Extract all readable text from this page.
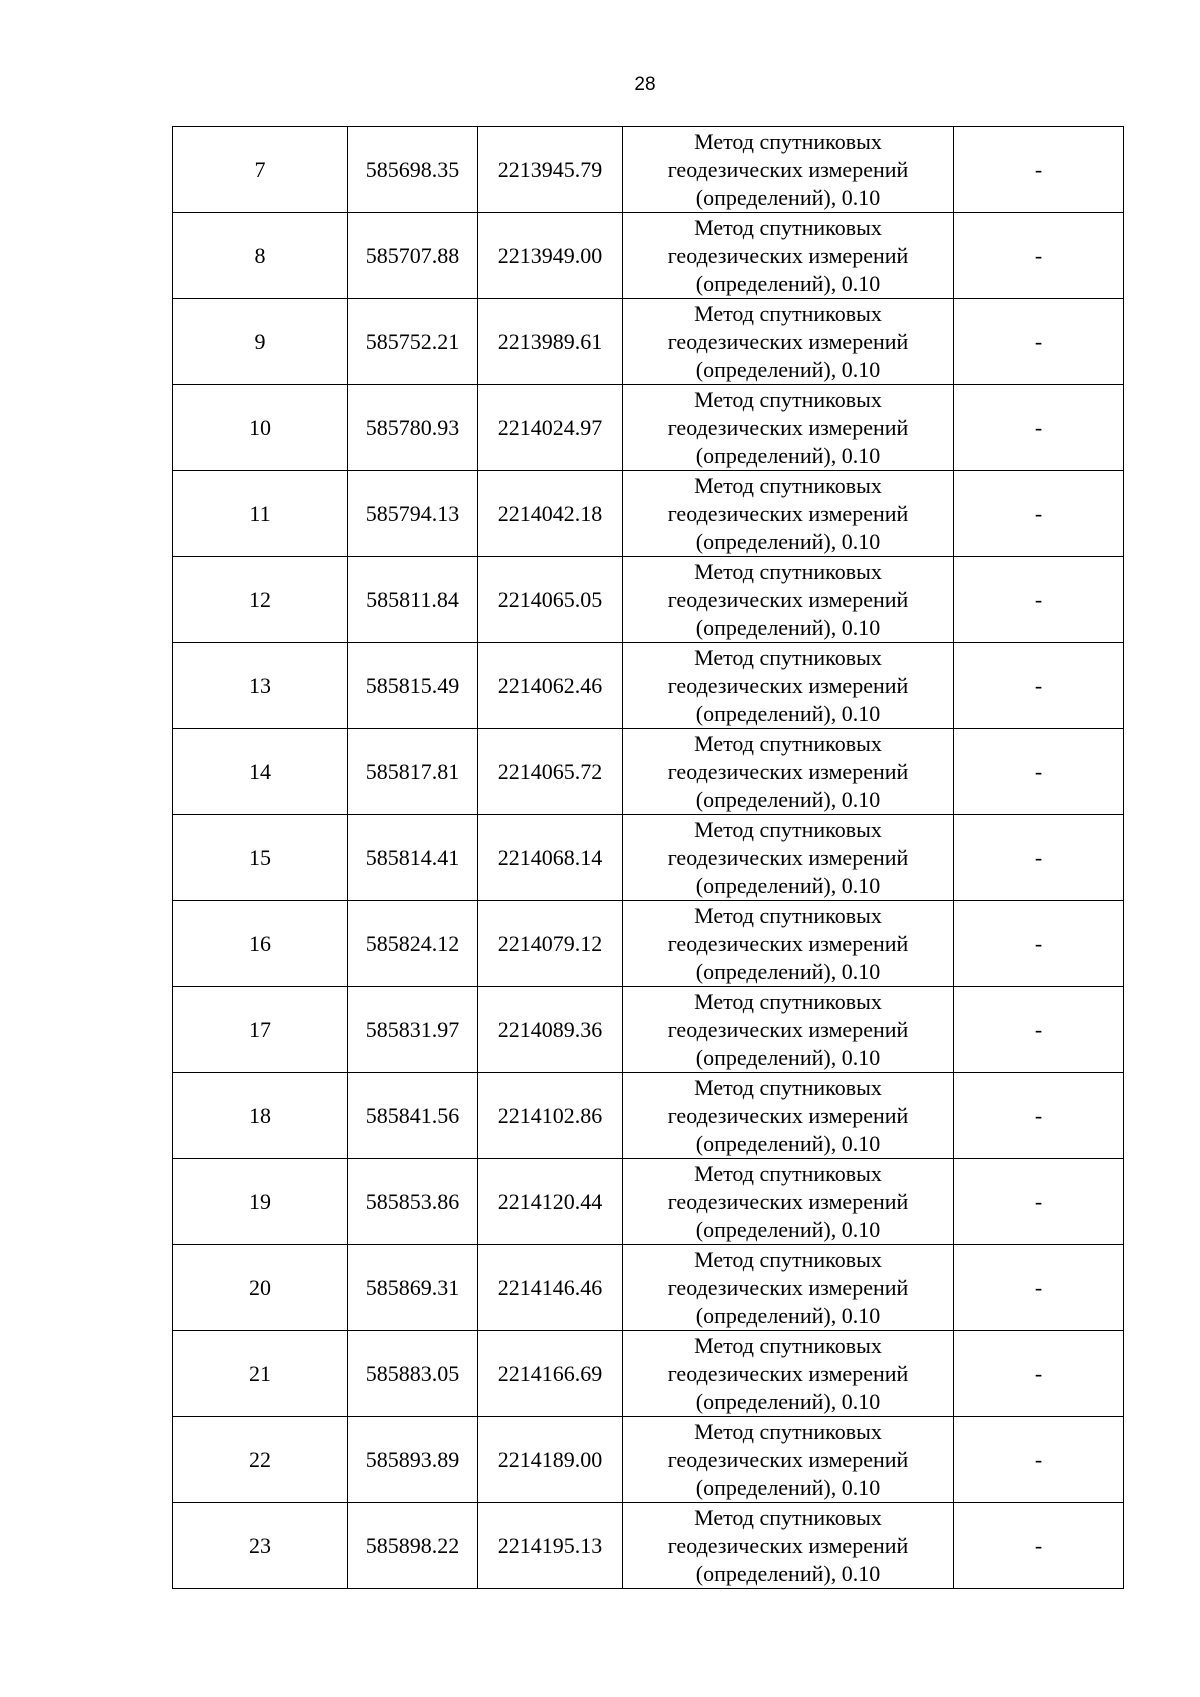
28
7	585698.35	2213945.79	Метод спутниковых
геодезических измерений
(определений), 0.10	-
8	585707.88	2213949.00	Метод спутниковых
геодезических измерений
(определений), 0.10	-
9	585752.21	2213989.61	Метод спутниковых
геодезических измерений
(определений), 0.10	-
10	585780.93	2214024.97	Метод спутниковых
геодезических измерений
(определений), 0.10	-
11	585794.13	2214042.18	Метод спутниковых
геодезических измерений
(определений), 0.10	-
12	585811.84	2214065.05	Метод спутниковых
геодезических измерений
(определений), 0.10	-
13	585815.49	2214062.46	Метод спутниковых
геодезических измерений
(определений), 0.10	-
14	585817.81	2214065.72	Метод спутниковых
геодезических измерений
(определений), 0.10	-
15	585814.41	2214068.14	Метод спутниковых
геодезических измерений
(определений), 0.10	-
16	585824.12	2214079.12	Метод спутниковых
геодезических измерений
(определений), 0.10	-
17	585831.97	2214089.36	Метод спутниковых
геодезических измерений
(определений), 0.10	-
18	585841.56	2214102.86	Метод спутниковых
геодезических измерений
(определений), 0.10	-
19	585853.86	2214120.44	Метод спутниковых
геодезических измерений
(определений), 0.10	-
20	585869.31	2214146.46	Метод спутниковых
геодезических измерений
(определений), 0.10	-
21	585883.05	2214166.69	Метод спутниковых
геодезических измерений
(определений), 0.10	-
22	585893.89	2214189.00	Метод спутниковых
геодезических измерений
(определений), 0.10	-
23	585898.22	2214195.13	Метод спутниковых
геодезических измерений
(определений), 0.10	-
